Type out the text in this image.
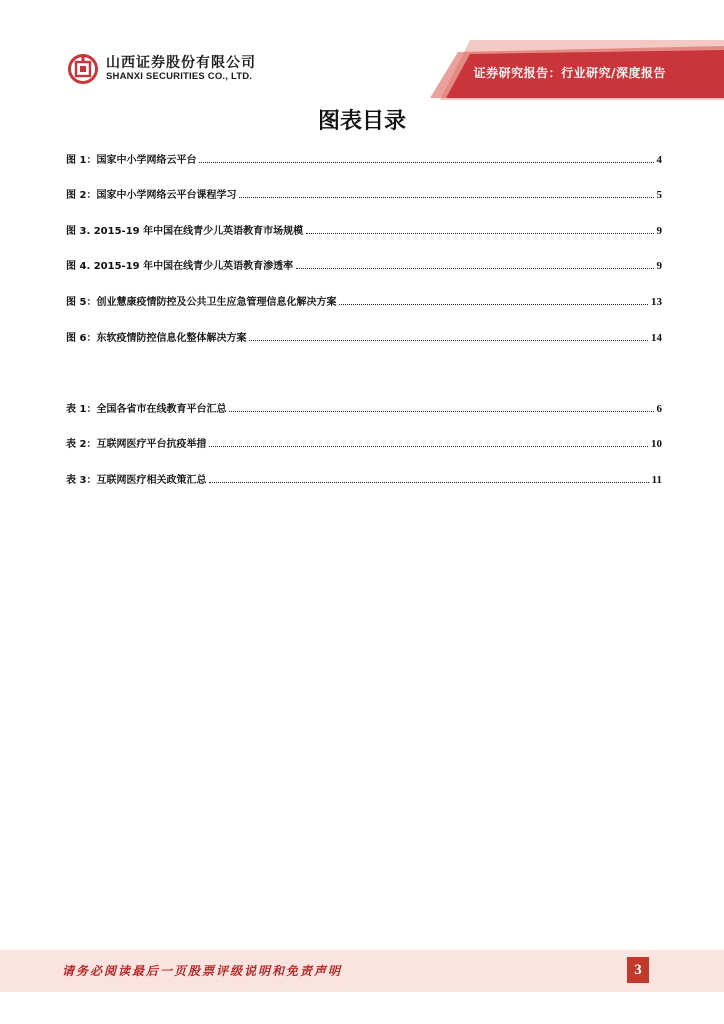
山西证券股份有限公司
SHANXI SECURITIES CO., LTD.	证券研究报告：行业研究/深度报告
图表目录
图 1：国家中小学网络云平台	4
图 2：国家中小学网络云平台课程学习	5
图 3. 2015-19 年中国在线青少儿英语教育市场规模	9
图 4. 2015-19 年中国在线青少儿英语教育渗透率	9
图 5：创业慧康疫情防控及公共卫生应急管理信息化解决方案	13
图 6：东软疫情防控信息化整体解决方案	14
表 1：全国各省市在线教育平台汇总	6
表 2：互联网医疗平台抗疫举措	10
表 3：互联网医疗相关政策汇总	11
请务必阅读最后一页股票评级说明和免责声明	3
